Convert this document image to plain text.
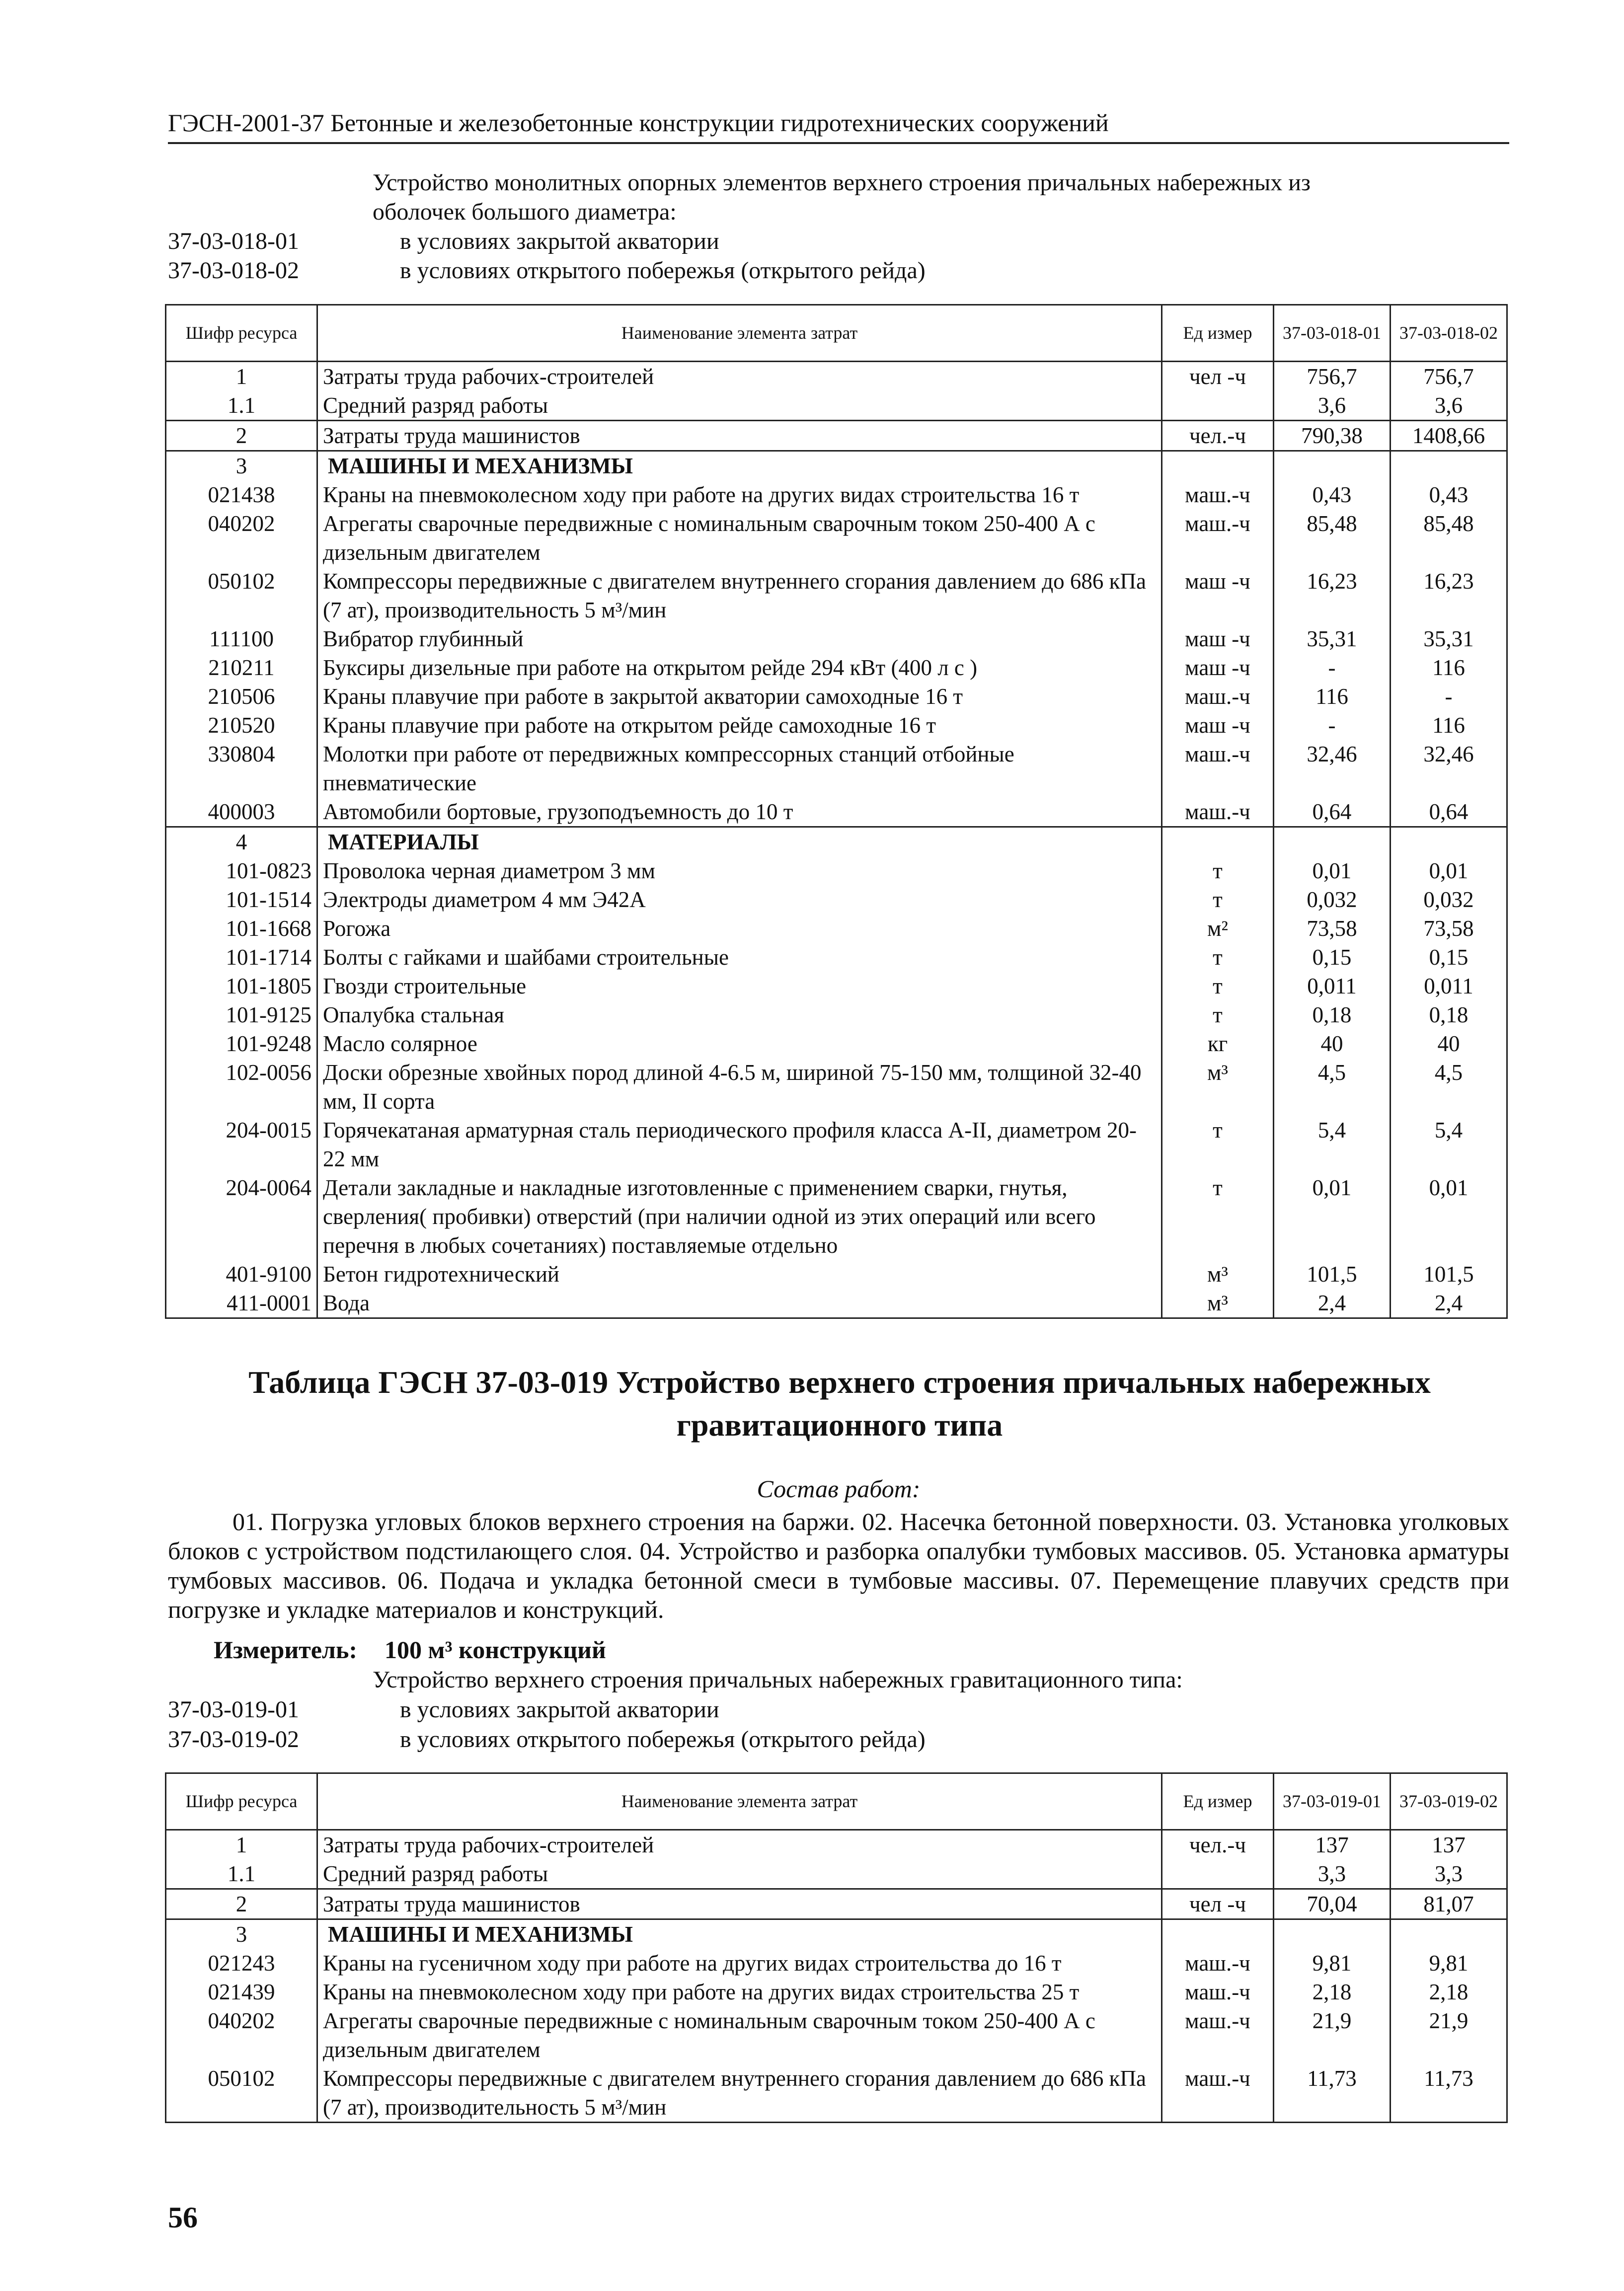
ГЭСН-2001-37 Бетонные и железобетонные конструкции гидротехнических сооружений
Устройство монолитных опорных элементов верхнего строения причальных набережных из
оболочек большого диаметра:
37-03-018-01	в условиях закрытой акватории
37-03-018-02	в условиях открытого побережья (открытого рейда)
Шифр ресурса	Наименование элемента затрат	Ед измер	37-03-018-01	37-03-018-02
1	Затраты труда рабочих-строителей	чел -ч	756,7	756,7
1.1	Средний разряд работы		3,6	3,6
2	Затраты труда машинистов	чел.-ч	790,38	1408,66
3	МАШИНЫ И МЕХАНИЗМЫ			
021438	Краны на пневмоколесном ходу при работе на других видах строительства 16 т	маш.-ч	0,43	0,43
040202	Агрегаты сварочные передвижные с номинальным сварочным током 250-400 А с дизельным двигателем	маш.-ч	85,48	85,48
050102	Компрессоры передвижные с двигателем внутреннего сгорания давлением до 686 кПа (7 ат), производительность 5 м³/мин	маш -ч	16,23	16,23
111100	Вибратор глубинный	маш -ч	35,31	35,31
210211	Буксиры дизельные при работе на открытом рейде 294 кВт (400 л с )	маш -ч	-	116
210506	Краны плавучие при работе в закрытой акватории самоходные 16 т	маш.-ч	116	-
210520	Краны плавучие при работе на открытом рейде самоходные 16 т	маш -ч	-	116
330804	Молотки при работе от передвижных компрессорных станций отбойные пневматические	маш.-ч	32,46	32,46
400003	Автомобили бортовые, грузоподъемность до 10 т	маш.-ч	0,64	0,64
4	МАТЕРИАЛЫ			
101-0823	Проволока черная диаметром 3 мм	т	0,01	0,01
101-1514	Электроды диаметром 4 мм Э42А	т	0,032	0,032
101-1668	Рогожа	м²	73,58	73,58
101-1714	Болты с гайками и шайбами строительные	т	0,15	0,15
101-1805	Гвозди строительные	т	0,011	0,011
101-9125	Опалубка стальная	т	0,18	0,18
101-9248	Масло солярное	кг	40	40
102-0056	Доски обрезные хвойных пород длиной 4-6.5 м, шириной 75-150 мм, толщиной 32-40 мм, II сорта	м³	4,5	4,5
204-0015	Горячекатаная арматурная сталь периодического профиля класса А-II, диаметром 20-22 мм	т	5,4	5,4
204-0064	Детали закладные и накладные изготовленные с применением сварки, гнутья, сверления( пробивки) отверстий (при наличии одной из этих операций или всего перечня в любых сочетаниях) поставляемые отдельно	т	0,01	0,01
401-9100	Бетон гидротехнический	м³	101,5	101,5
411-0001	Вода	м³	2,4	2,4
Таблица ГЭСН 37-03-019 Устройство верхнего строения причальных набережных гравитационного типа
Состав работ:
01. Погрузка угловых блоков верхнего строения на баржи. 02. Насечка бетонной поверхности. 03. Установка уголковых блоков с устройством подстилающего слоя. 04. Устройство и разборка опалубки тумбовых массивов. 05. Установка арматуры тумбовых массивов. 06. Подача и укладка бетонной смеси в тумбовые массивы. 07. Перемещение плавучих средств при погрузке и укладке материалов и конструкций.
Измеритель: 100 м³ конструкций
Устройство верхнего строения причальных набережных гравитационного типа:
37-03-019-01	в условиях закрытой акватории
37-03-019-02	в условиях открытого побережья (открытого рейда)
Шифр ресурса	Наименование элемента затрат	Ед измер	37-03-019-01	37-03-019-02
1	Затраты труда рабочих-строителей	чел.-ч	137	137
1.1	Средний разряд работы		3,3	3,3
2	Затраты труда машинистов	чел -ч	70,04	81,07
3	МАШИНЫ И МЕХАНИЗМЫ			
021243	Краны на гусеничном ходу при работе на других видах строительства до 16 т	маш.-ч	9,81	9,81
021439	Краны на пневмоколесном ходу при работе на других видах строительства 25 т	маш.-ч	2,18	2,18
040202	Агрегаты сварочные передвижные с номинальным сварочным током 250-400 А с дизельным двигателем	маш.-ч	21,9	21,9
050102	Компрессоры передвижные с двигателем внутреннего сгорания давлением до 686 кПа (7 ат), производительность 5 м³/мин	маш.-ч	11,73	11,73
56
